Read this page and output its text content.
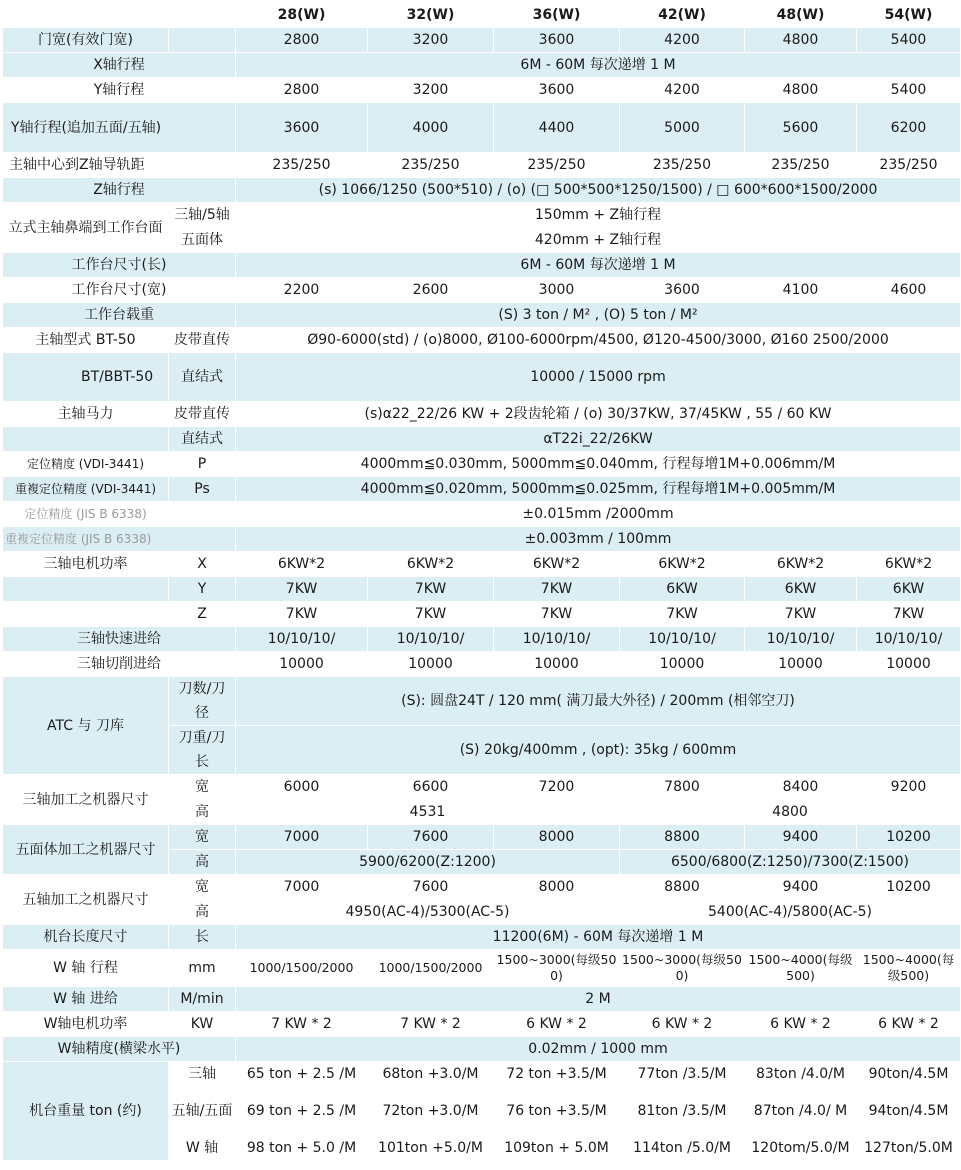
		28(W)	32(W)	36(W)	42(W)	48(W)	54(W)
门宽(有效门宽)		2800	3200	3600	4200	4800	5400
X轴行程		6M - 60M 每次递增 1 M					
Y轴行程		2800	3200	3600	4200	4800	5400
Y轴行程(追加五面/五轴)		3600	4000	4400	5000	5600	6200
主轴中心到Z轴导轨距		235/250	235/250	235/250	235/250	235/250	235/250
Z轴行程		(s) 1066/1250 (500*510) / (o) (□ 500*500*1250/1500) / □ 600*600*1500/2000					
立式主轴鼻端到工作台面	三轴/5轴	150mm + Z轴行程					
	五面体	420mm + Z轴行程					
工作台尺寸(长)		6M - 60M 每次递增 1 M					
工作台尺寸(宽)		2200	2600	3000	3600	4100	4600
工作台载重		(S) 3 ton / M² , (O) 5 ton / M²					
主轴型式 BT-50	皮带直传	Ø90-6000(std) / (o)8000, Ø100-6000rpm/4500, Ø120-4500/3000, Ø160 2500/2000					
BT/BBT-50	直结式	10000 / 15000 rpm					
主轴马力	皮带直传	(s)α22_22/26 KW + 2段齿轮箱 / (o) 30/37KW, 37/45KW , 55 / 60 KW					
	直结式	αT22i_22/26KW					
定位精度 (VDI-3441)	P	4000mm≦0.030mm, 5000mm≦0.040mm, 行程每增1M+0.006mm/M					
重複定位精度 (VDI-3441)	Ps	4000mm≦0.020mm, 5000mm≦0.025mm, 行程每增1M+0.005mm/M					
定位精度 (JIS B 6338)		±0.015mm /2000mm					
重複定位精度 (JIS B 6338)		±0.003mm / 100mm					
三轴电机功率	X	6KW*2	6KW*2	6KW*2	6KW*2	6KW*2	6KW*2
	Y	7KW	7KW	7KW	6KW	6KW	6KW
	Z	7KW	7KW	7KW	7KW	7KW	7KW
三轴快速进给		10/10/10/	10/10/10/	10/10/10/	10/10/10/	10/10/10/	10/10/10/
三轴切削进给		10000	10000	10000	10000	10000	10000
ATC 与 刀库	刀数/刀径	(S): 圆盘24T / 120 mm( 满刀最大外径) / 200mm (相邻空刀)					
	刀重/刀长	(S) 20kg/400mm , (opt): 35kg / 600mm					
三轴加工之机器尺寸	宽	6000	6600	7200	7800	8400	9200
	高	4531			4800		
五面体加工之机器尺寸	宽	7000	7600	8000	8800	9400	10200
	高	5900/6200(Z:1200)			6500/6800(Z:1250)/7300(Z:1500)		
五轴加工之机器尺寸	宽	7000	7600	8000	8800	9400	10200
	高	4950(AC-4)/5300(AC-5)			5400(AC-4)/5800(AC-5)		
机台长度尺寸	长	11200(6M) - 60M 每次递增 1 M					
W 轴 行程	mm	1000/1500/2000	1000/1500/2000	1500~3000(每级500)	1500~3000(每级500)	1500~4000(每级500)	1500~4000(每级500)
W 轴 进给	M/min	2 M					
W轴电机功率	KW	7 KW * 2	7 KW * 2	6 KW * 2	6 KW * 2	6 KW * 2	6 KW * 2
W轴精度(横梁水平)		0.02mm / 1000 mm					
机台重量 ton (约)	三轴	65 ton + 2.5 /M	68ton +3.0/M	72 ton +3.5/M	77ton /3.5/M	83ton /4.0/M	90ton/4.5M
	五轴/五面	69 ton + 2.5 /M	72ton +3.0/M	76 ton +3.5/M	81ton /3.5/M	87ton /4.0/ M	94ton/4.5M
	W 轴	98 ton + 5.0 /M	101ton +5.0/M	109ton + 5.0M	114ton /5.0/M	120tom/5.0/M	127ton/5.0M
